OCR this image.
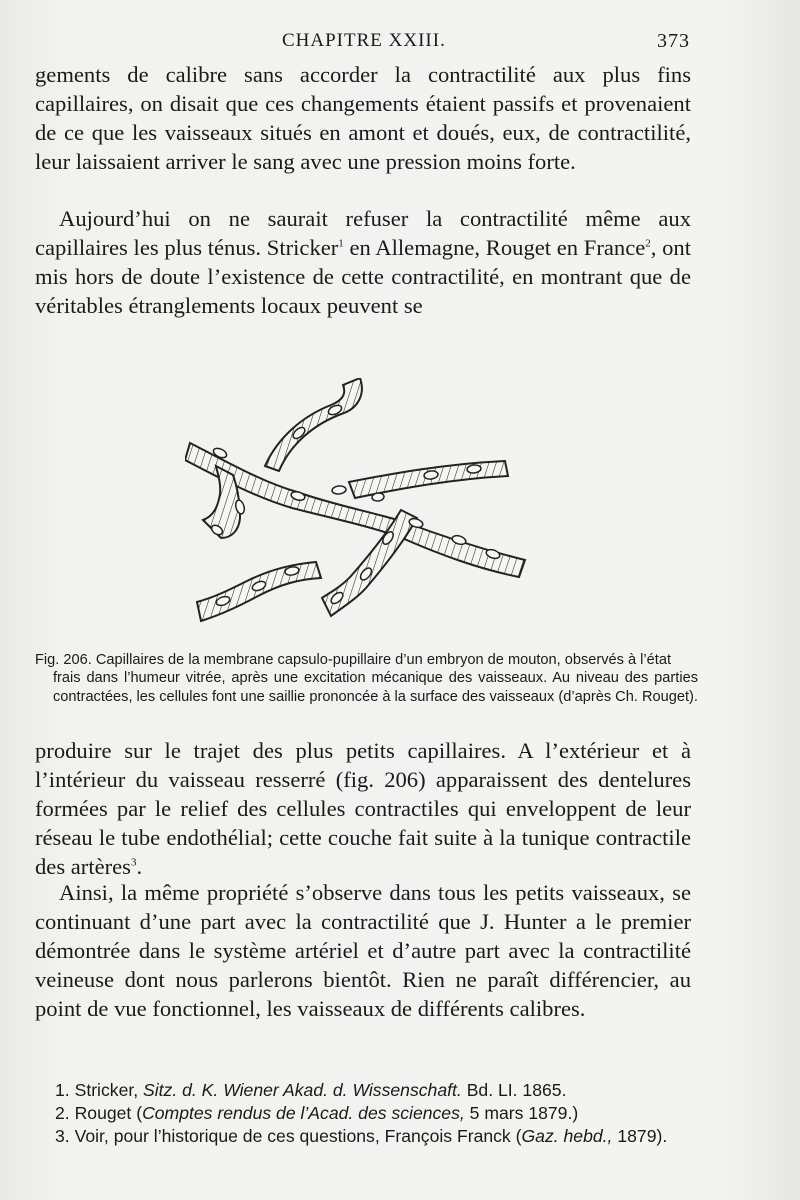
CHAPITRE XXIII.	373

gements de calibre sans accorder la contractilité aux plus fins capillaires, on disait que ces changements étaient passifs et provenaient de ce que les vaisseaux situés en amont et doués, eux, de contractilité, leur laissaient arriver le sang avec une pression moins forte.

Aujourd’hui on ne saurait refuser la contractilité même aux capillaires les plus ténus. Stricker$^1$ en Allemagne, Rouget en France$^2$, ont mis hors de doute l’existence de cette contractilité, en montrant que de véritables étranglements locaux peuvent se

Fig. 206. Capillaires de la membrane capsulo-pupillaire d’un embryon de mouton, observés à l’état

frais dans l’humeur vitrée, après une excitation mécanique des vaisseaux. Au niveau des parties contractées, les cellules font une saillie prononcée à la surface des vaisseaux (d’après Ch. Rouget).

produire sur le trajet des plus petits capillaires. A l’extérieur et à l’intérieur du vaisseau resserré (fig. 206) apparaissent des dentelures formées par le relief des cellules contractiles qui enveloppent de leur réseau le tube endothélial; cette couche fait suite à la tunique contractile des artères$^3$.

Ainsi, la même propriété s’observe dans tous les petits vaisseaux, se continuant d’une part avec la contractilité que J. Hunter a le premier démontrée dans le système artériel et d’autre part avec la contractilité veineuse dont nous parlerons bientôt. Rien ne paraît différencier, au point de vue fonctionnel, les vaisseaux de différents calibres.

1. Stricker, Sitz. d. K. Wiener Akad. d. Wissenschaft. Bd. LI. 1865.

2. Rouget (Comptes rendus de l’Acad. des sciences, 5 mars 1879.)

3. Voir, pour l’historique de ces questions, François Franck (Gaz. hebd., 1879).
